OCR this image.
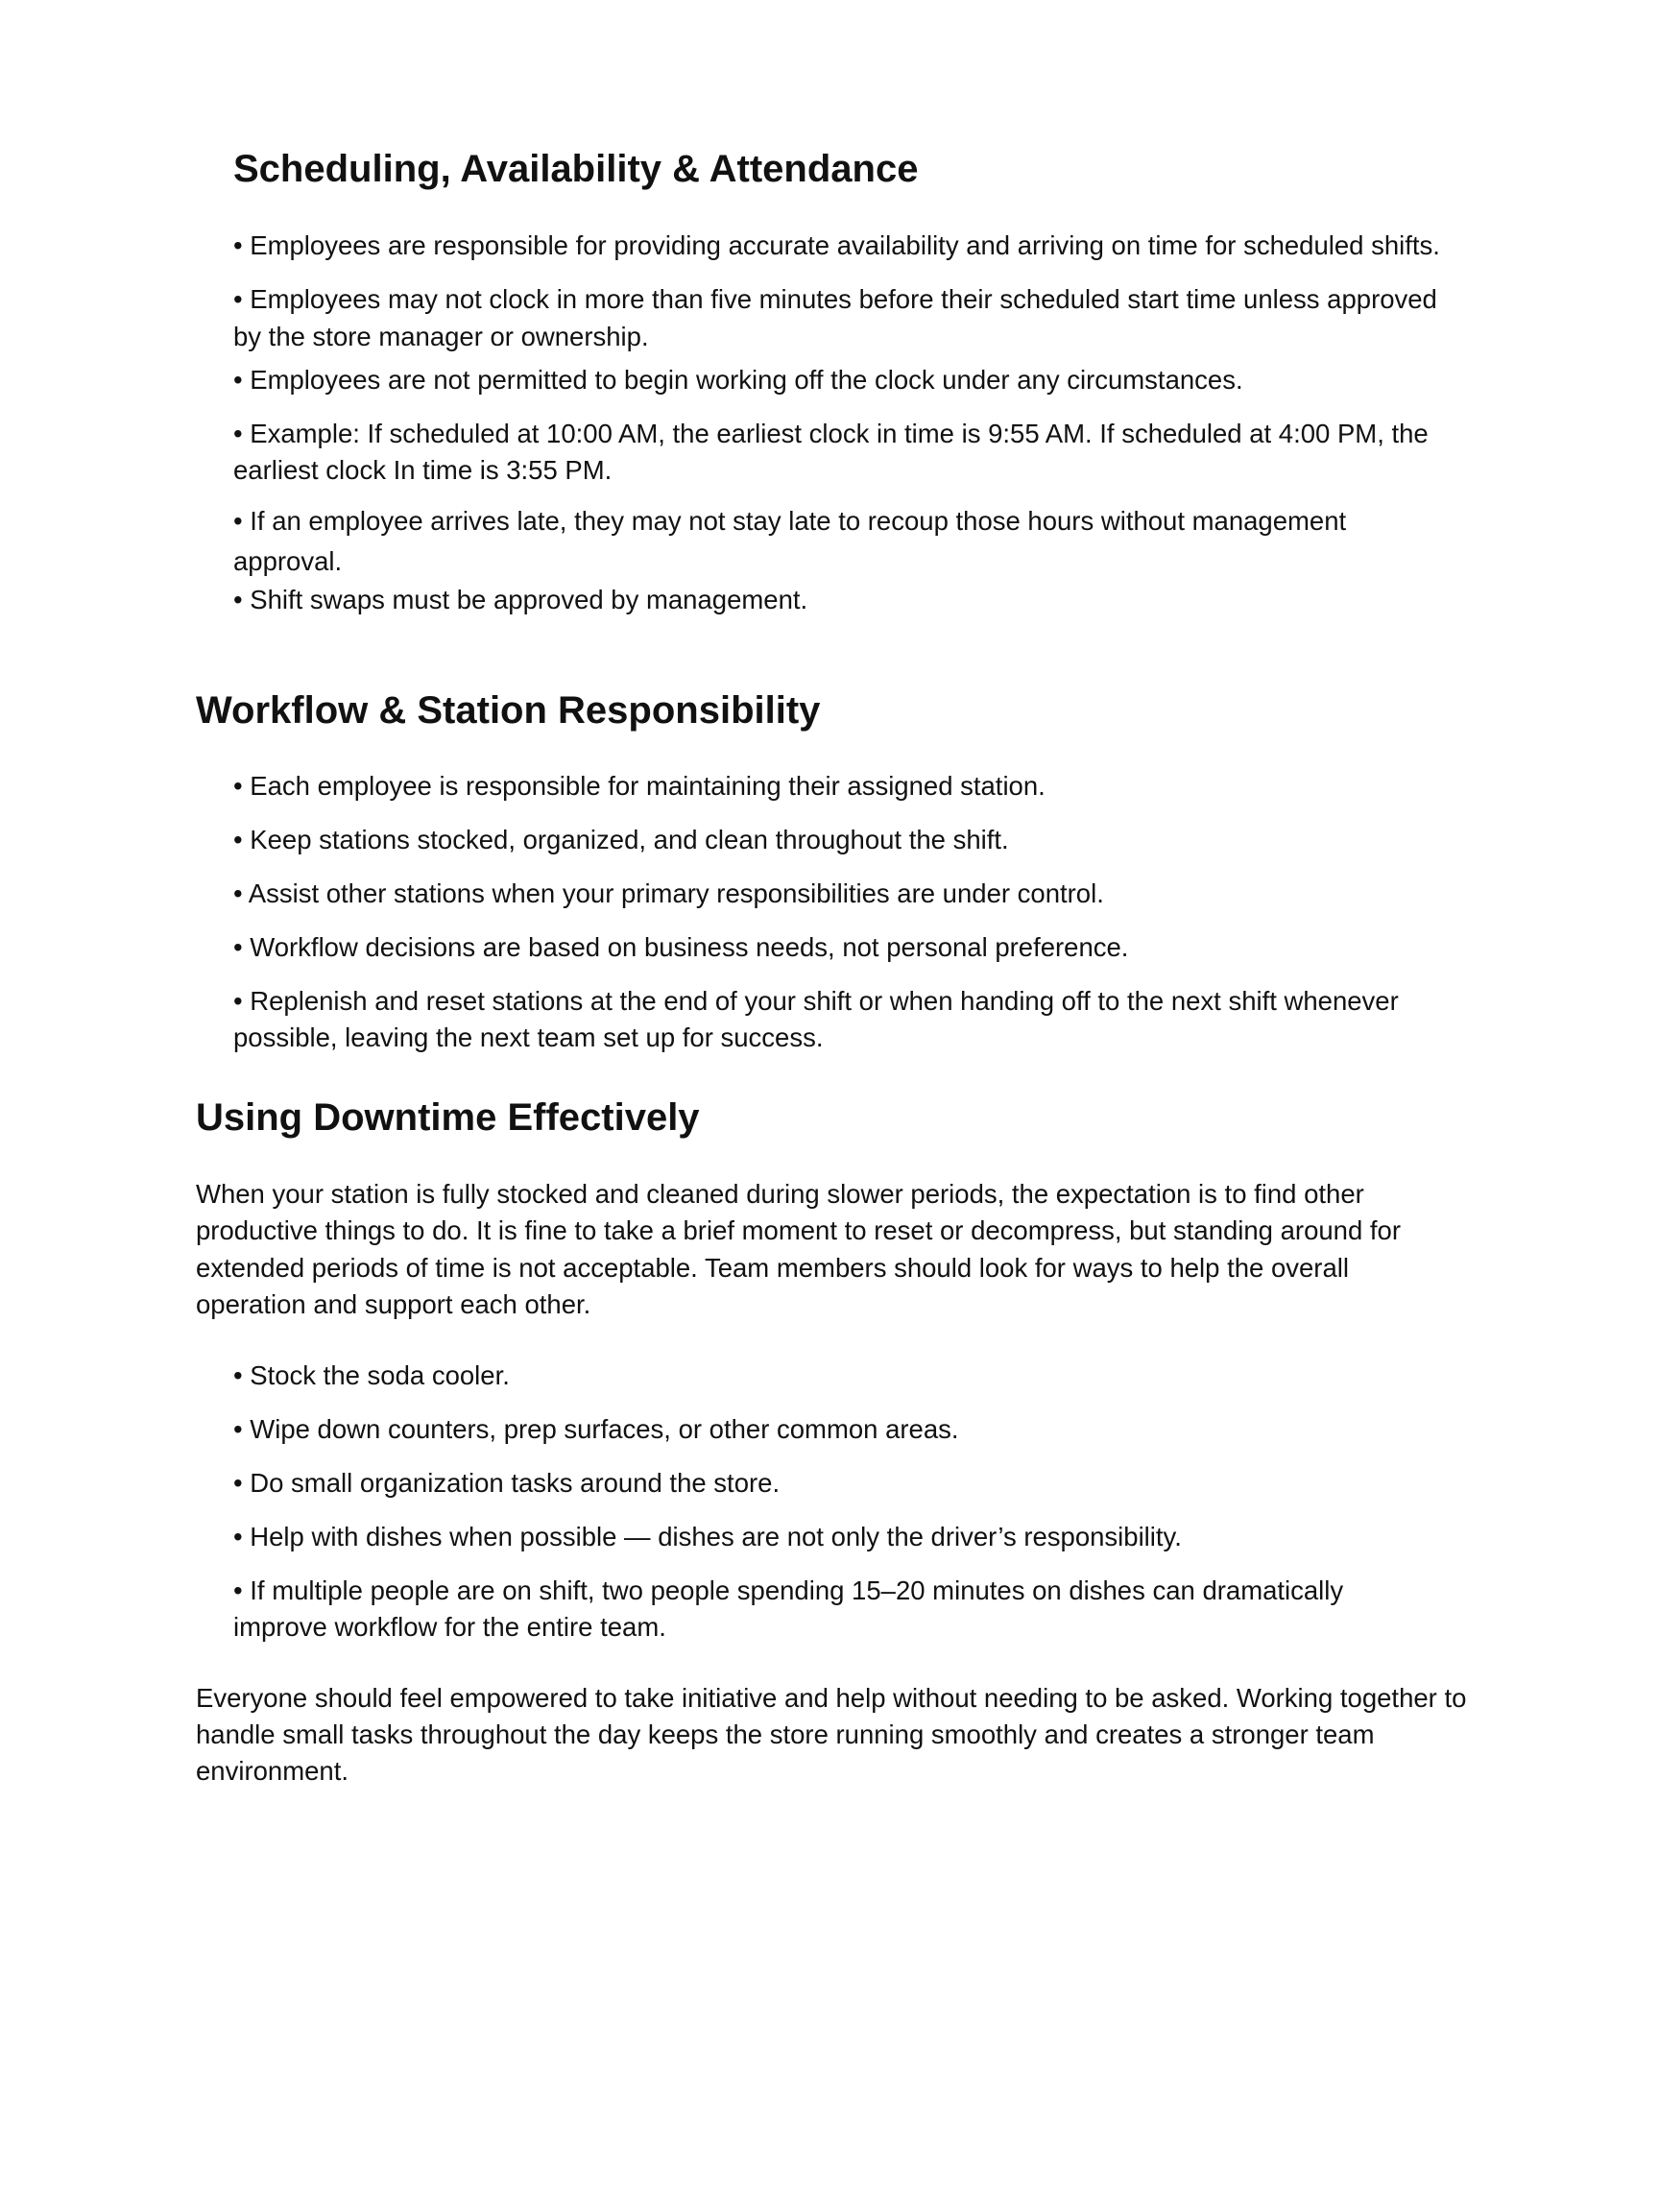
Scheduling, Availability & Attendance

• Employees are responsible for providing accurate availability and arriving on time for scheduled shifts.

• Employees may not clock in more than five minutes before their scheduled start time unless approved

by the store manager or ownership.

• Employees are not permitted to begin working off the clock under any circumstances.

• Example: If scheduled at 10:00 AM, the earliest clock in time is 9:55 AM. If scheduled at 4:00 PM, the

earliest clock In time is 3:55 PM.

• If an employee arrives late, they may not stay late to recoup those hours without management

approval.

• Shift swaps must be approved by management.

Workflow & Station Responsibility

• Each employee is responsible for maintaining their assigned station.

• Keep stations stocked, organized, and clean throughout the shift.

• Assist other stations when your primary responsibilities are under control.

• Workflow decisions are based on business needs, not personal preference.

• Replenish and reset stations at the end of your shift or when handing off to the next shift whenever

possible, leaving the next team set up for success.

Using Downtime Effectively

When your station is fully stocked and cleaned during slower periods, the expectation is to find other

productive things to do. It is fine to take a brief moment to reset or decompress, but standing around for

extended periods of time is not acceptable. Team members should look for ways to help the overall

operation and support each other.

• Stock the soda cooler.

• Wipe down counters, prep surfaces, or other common areas.

• Do small organization tasks around the store.

• Help with dishes when possible — dishes are not only the driver’s responsibility.

• If multiple people are on shift, two people spending 15–20 minutes on dishes can dramatically

improve workflow for the entire team.

Everyone should feel empowered to take initiative and help without needing to be asked. Working together to

handle small tasks throughout the day keeps the store running smoothly and creates a stronger team

environment.
